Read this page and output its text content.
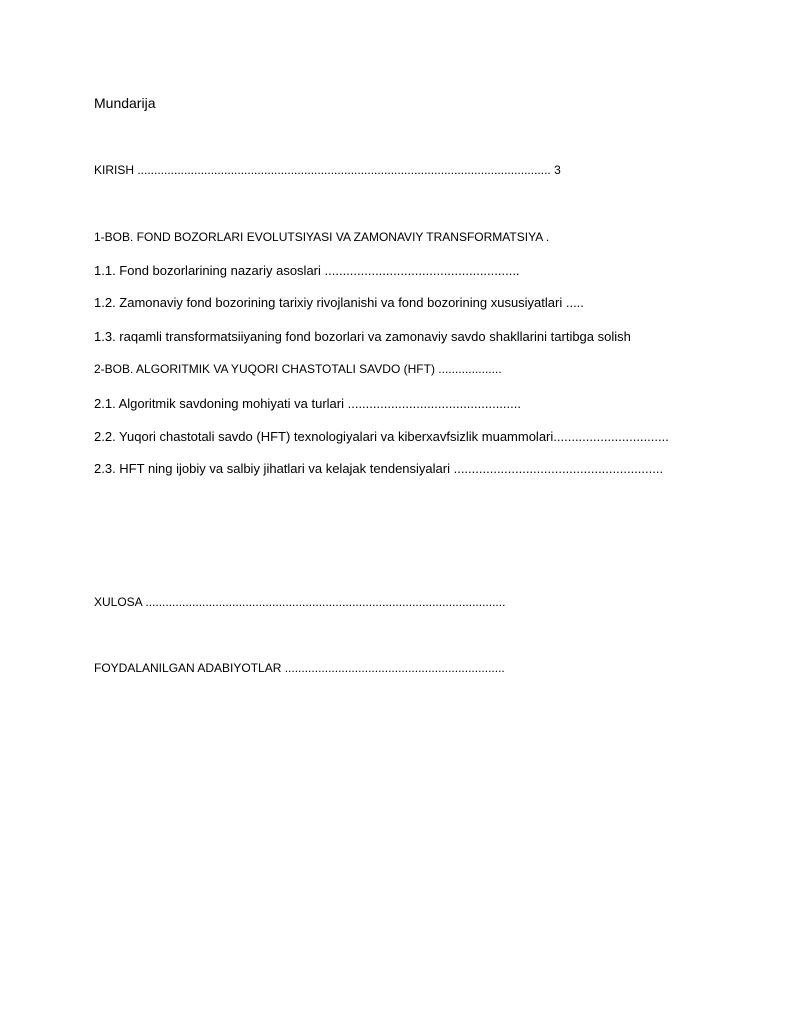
Mundarija
KIRISH ............................................................................................................................ 3
1-BOB. FOND BOZORLARI EVOLUTSIYASI VA ZAMONAVIY TRANSFORMATSIYA .
1.1. Fond bozorlarining nazariy asoslari ......................................................
1.2. Zamonaviy fond bozorining tarixiy rivojlanishi va fond bozorining xususiyatlari .....
1.3. raqamli transformatsiiyaning fond bozorlari va zamonaviy savdo shakllarini tartibga solish
2-BOB. ALGORITMIK VA YUQORI CHASTOTALI SAVDO (HFT) ...................
2.1. Algoritmik savdoning mohiyati va turlari ................................................
2.2. Yuqori chastotali savdo (HFT) texnologiyalari va kiberxavfsizlik muammolari................................
2.3. HFT ning ijobiy va salbiy jihatlari va kelajak tendensiyalari ..........................................................
XULOSA ............................................................................................................
FOYDALANILGAN ADABIYOTLAR ..................................................................
